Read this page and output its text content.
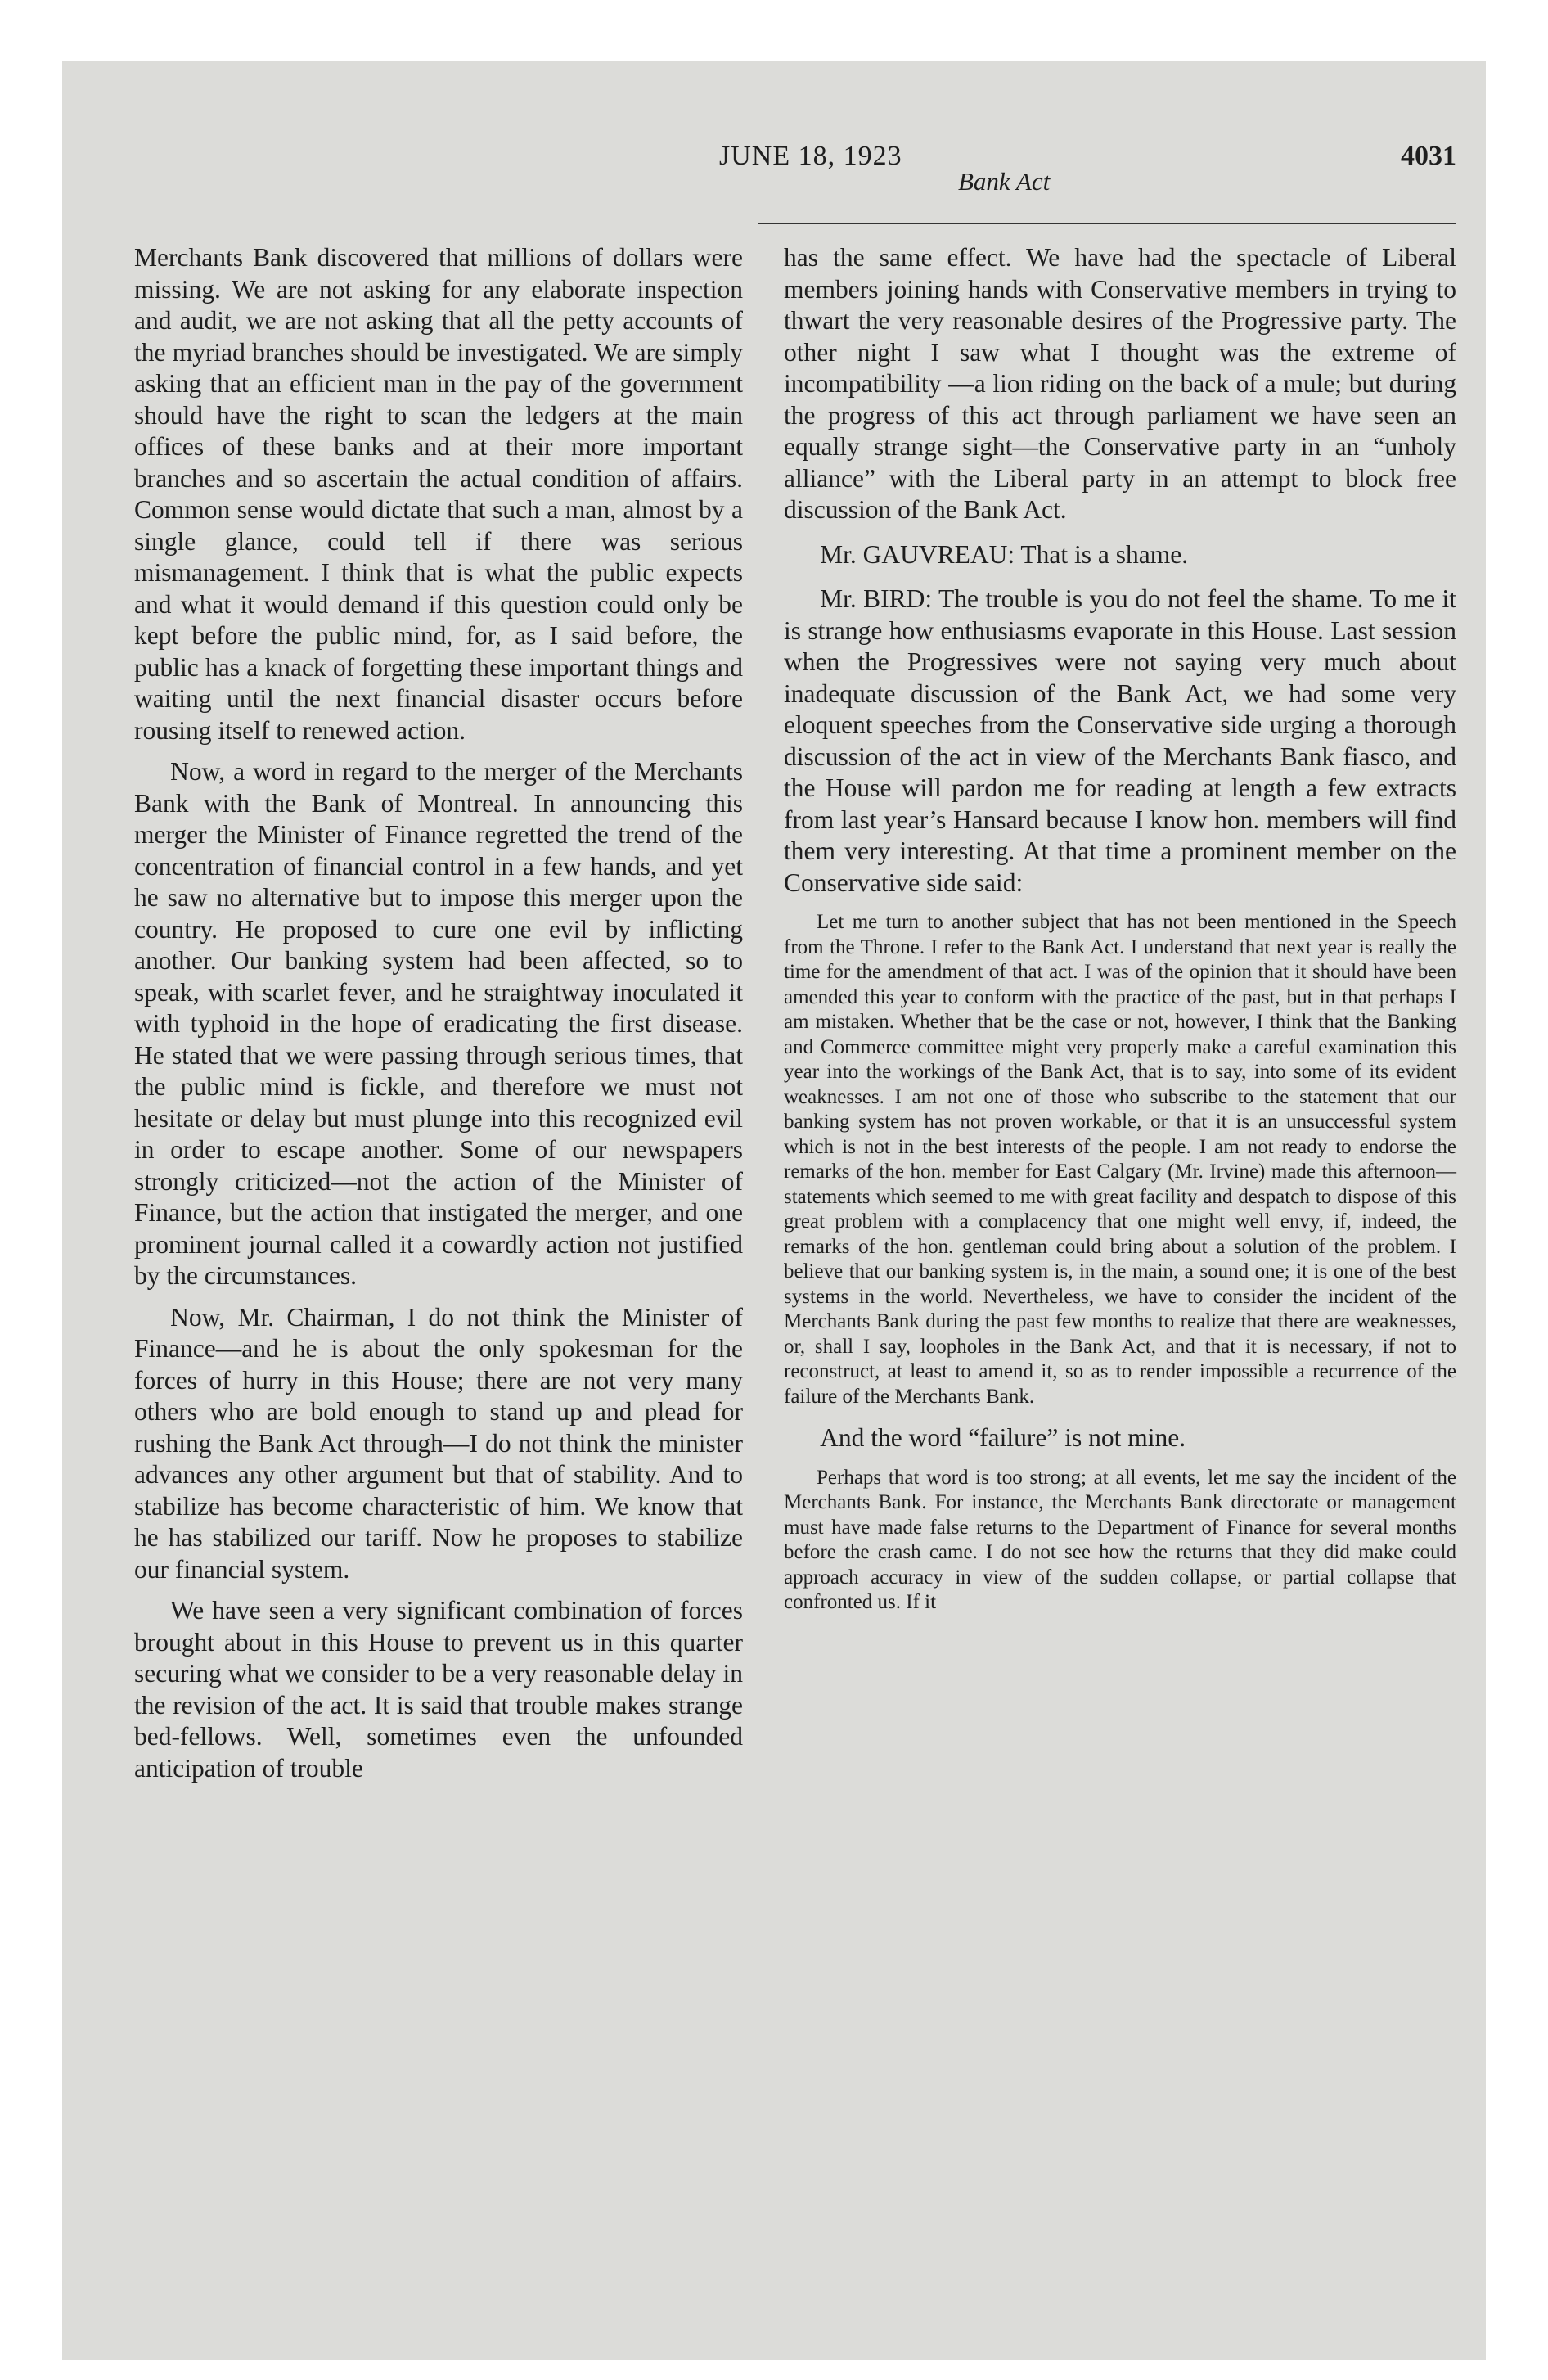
JUNE 18, 1923
Bank Act
4031

Merchants Bank discovered that millions of dollars were missing. We are not asking for any elaborate inspection and audit, we are not asking that all the petty accounts of the myriad branches should be investigated. We are simply asking that an efficient man in the pay of the government should have the right to scan the ledgers at the main offices of these banks and at their more important branches and so ascertain the actual condition of affairs. Common sense would dictate that such a man, almost by a single glance, could tell if there was serious mismanagement. I think that is what the public expects and what it would demand if this question could only be kept before the public mind, for, as I said before, the public has a knack of forgetting these important things and waiting until the next financial disaster occurs before rousing itself to renewed action.

Now, a word in regard to the merger of the Merchants Bank with the Bank of Montreal. In announcing this merger the Minister of Finance regretted the trend of the concentration of financial control in a few hands, and yet he saw no alternative but to impose this merger upon the country. He proposed to cure one evil by inflicting another. Our banking system had been affected, so to speak, with scarlet fever, and he straightway inoculated it with typhoid in the hope of eradicating the first disease. He stated that we were passing through serious times, that the public mind is fickle, and therefore we must not hesitate or delay but must plunge into this recognized evil in order to escape another. Some of our newspapers strongly criticized—not the action of the Minister of Finance, but the action that instigated the merger, and one prominent journal called it a cowardly action not justified by the circumstances.

Now, Mr. Chairman, I do not think the Minister of Finance—and he is about the only spokesman for the forces of hurry in this House; there are not very many others who are bold enough to stand up and plead for rushing the Bank Act through—I do not think the minister advances any other argument but that of stability. And to stabilize has become characteristic of him. We know that he has stabilized our tariff. Now he proposes to stabilize our financial system.

We have seen a very significant combination of forces brought about in this House to prevent us in this quarter securing what we consider to be a very reasonable delay in the revision of the act. It is said that trouble makes strange bed-fellows. Well, sometimes even the unfounded anticipation of trouble

has the same effect. We have had the spectacle of Liberal members joining hands with Conservative members in trying to thwart the very reasonable desires of the Progressive party. The other night I saw what I thought was the extreme of incompatibility —a lion riding on the back of a mule; but during the progress of this act through parliament we have seen an equally strange sight—the Conservative party in an “unholy alliance” with the Liberal party in an attempt to block free discussion of the Bank Act.

Mr. GAUVREAU: That is a shame.

Mr. BIRD: The trouble is you do not feel the shame. To me it is strange how enthusiasms evaporate in this House. Last session when the Progressives were not saying very much about inadequate discussion of the Bank Act, we had some very eloquent speeches from the Conservative side urging a thorough discussion of the act in view of the Merchants Bank fiasco, and the House will pardon me for reading at length a few extracts from last year’s Hansard because I know hon. members will find them very interesting. At that time a prominent member on the Conservative side said:

Let me turn to another subject that has not been mentioned in the Speech from the Throne. I refer to the Bank Act. I understand that next year is really the time for the amendment of that act. I was of the opinion that it should have been amended this year to conform with the practice of the past, but in that perhaps I am mistaken. Whether that be the case or not, however, I think that the Banking and Commerce committee might very properly make a careful examination this year into the workings of the Bank Act, that is to say, into some of its evident weaknesses. I am not one of those who subscribe to the statement that our banking system has not proven workable, or that it is an unsuccessful system which is not in the best interests of the people. I am not ready to endorse the remarks of the hon. member for East Calgary (Mr. Irvine) made this afternoon—statements which seemed to me with great facility and despatch to dispose of this great problem with a complacency that one might well envy, if, indeed, the remarks of the hon. gentleman could bring about a solution of the problem. I believe that our banking system is, in the main, a sound one; it is one of the best systems in the world. Nevertheless, we have to consider the incident of the Merchants Bank during the past few months to realize that there are weaknesses, or, shall I say, loopholes in the Bank Act, and that it is necessary, if not to reconstruct, at least to amend it, so as to render impossible a recurrence of the failure of the Merchants Bank.

And the word “failure” is not mine.

Perhaps that word is too strong; at all events, let me say the incident of the Merchants Bank. For instance, the Merchants Bank directorate or management must have made false returns to the Department of Finance for several months before the crash came. I do not see how the returns that they did make could approach accuracy in view of the sudden collapse, or partial collapse that confronted us. If it
